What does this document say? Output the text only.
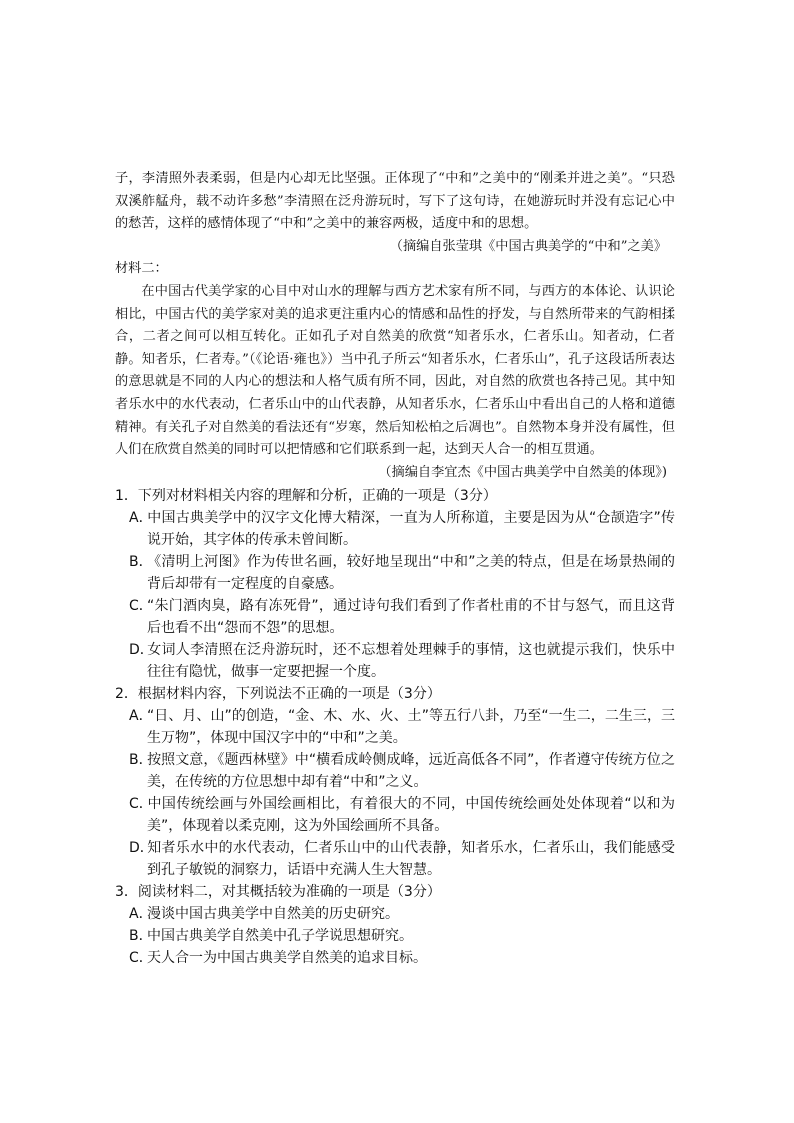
子，李清照外表柔弱，但是内心却无比坚强。正体现了“中和”之美中的“刚柔并进之美”。“只恐双溪舴艋舟，载不动许多愁”李清照在泛舟游玩时，写下了这句诗，在她游玩时并没有忘记心中的愁苦，这样的感情体现了“中和”之美中的兼容两极，适度中和的思想。

（摘编自张莹琪《中国古典美学的“中和”之美》

材料二：

在中国古代美学家的心目中对山水的理解与西方艺术家有所不同，与西方的本体论、认识论相比，中国古代的美学家对美的追求更注重内心的情感和品性的抒发，与自然所带来的气韵相揉合，二者之间可以相互转化。正如孔子对自然美的欣赏“知者乐水，仁者乐山。知者动，仁者静。知者乐，仁者寿。”（《论语·雍也》）当中孔子所云“知者乐水，仁者乐山”，孔子这段话所表达的意思就是不同的人内心的想法和人格气质有所不同，因此，对自然的欣赏也各持己见。其中知者乐水中的水代表动，仁者乐山中的山代表静，从知者乐水，仁者乐山中看出自己的人格和道德精神。有关孔子对自然美的看法还有“岁寒，然后知松柏之后凋也”。自然物本身并没有属性，但人们在欣赏自然美的同时可以把情感和它们联系到一起，达到天人合一的相互贯通。

（摘编自李宜杰《中国古典美学中自然美的体现》)

1．下列对材料相关内容的理解和分析，正确的一项是（3分）

A．中国古典美学中的汉字文化博大精深，一直为人所称道，主要是因为从“仓颉造字”传说开始，其字体的传承未曾间断。

B．《清明上河图》作为传世名画，较好地呈现出“中和”之美的特点，但是在场景热闹的背后却带有一定程度的自豪感。

C．“朱门酒肉臭，路有冻死骨”，通过诗句我们看到了作者杜甫的不甘与怒气，而且这背后也看不出“怨而不怨”的思想。

D．女词人李清照在泛舟游玩时，还不忘想着处理棘手的事情，这也就提示我们，快乐中往往有隐忧，做事一定要把握一个度。

2．根据材料内容，下列说法不正确的一项是（3分）

A．“日、月、山”的创造，“金、木、水、火、土”等五行八卦，乃至“一生二，二生三，三生万物”，体现中国汉字中的“中和”之美。

B．按照文意，《题西林壁》中“横看成岭侧成峰，远近高低各不同”，作者遵守传统方位之美，在传统的方位思想中却有着“中和”之义。

C．中国传统绘画与外国绘画相比，有着很大的不同，中国传统绘画处处体现着“以和为美”，体现着以柔克刚，这为外国绘画所不具备。

D．知者乐水中的水代表动，仁者乐山中的山代表静，知者乐水，仁者乐山，我们能感受到孔子敏锐的洞察力，话语中充满人生大智慧。

3．阅读材料二，对其概括较为准确的一项是（3分）

A．漫谈中国古典美学中自然美的历史研究。

B．中国古典美学自然美中孔子学说思想研究。

C．天人合一为中国古典美学自然美的追求目标。
